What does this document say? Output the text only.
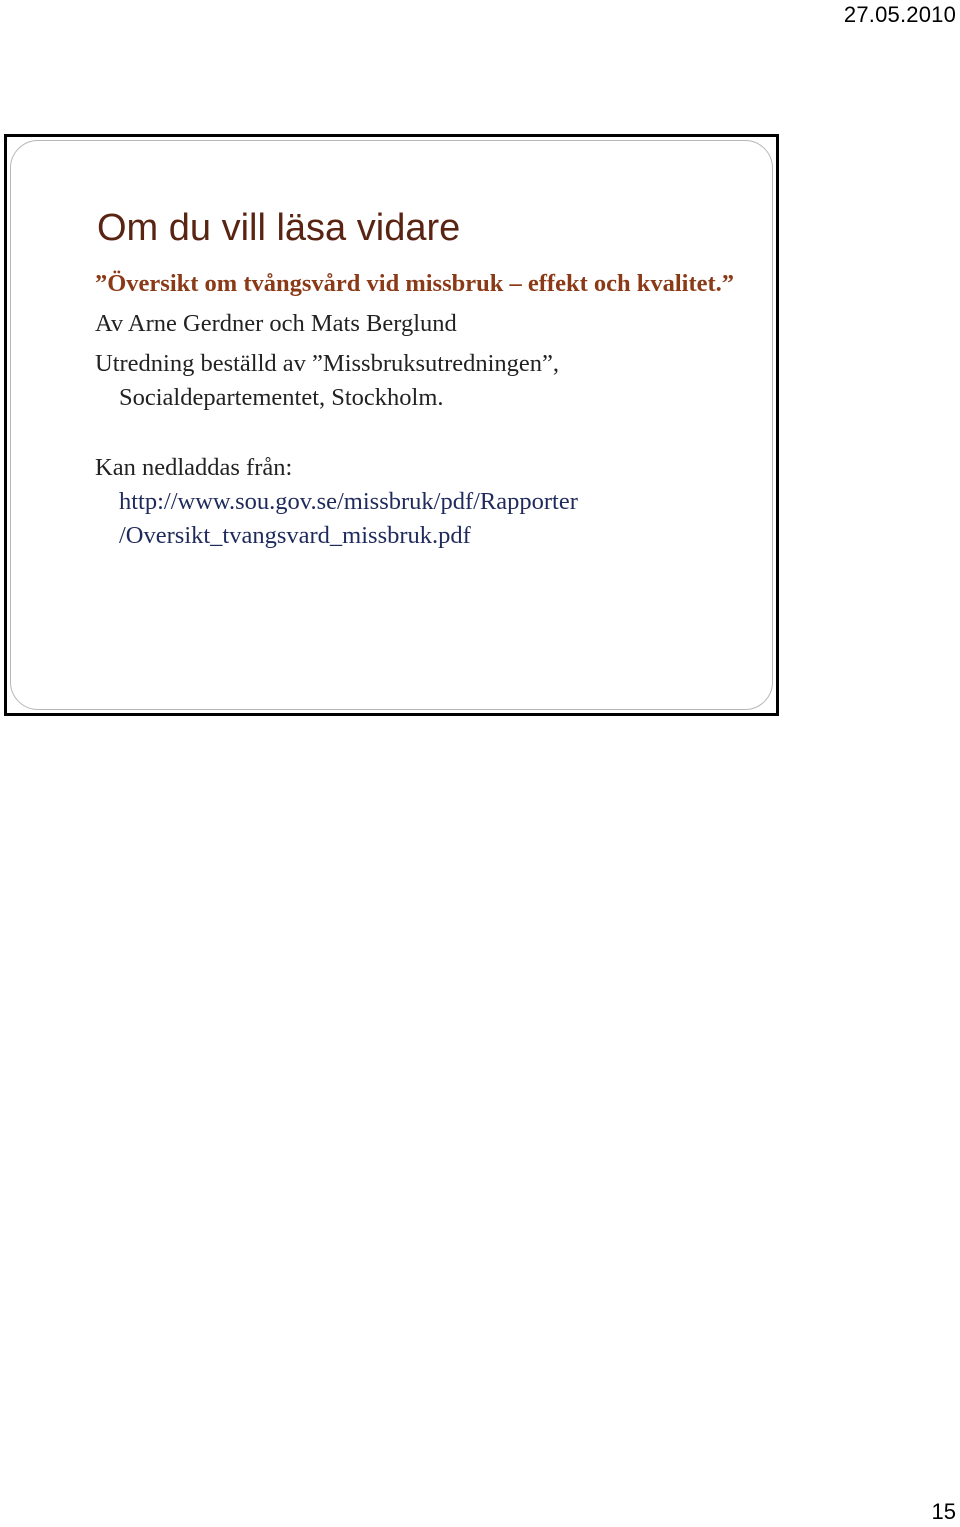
27.05.2010
Om du vill läsa vidare

”Översikt om tvångsvård vid missbruk – effekt och kvalitet.”

Av Arne Gerdner och Mats Berglund

Utredning beställd av ”Missbruksutredningen”, Socialdepartementet, Stockholm.

Kan nedladdas från:

http://www.sou.gov.se/missbruk/pdf/Rapporter

/Oversikt_tvangsvard_missbruk.pdf

15
